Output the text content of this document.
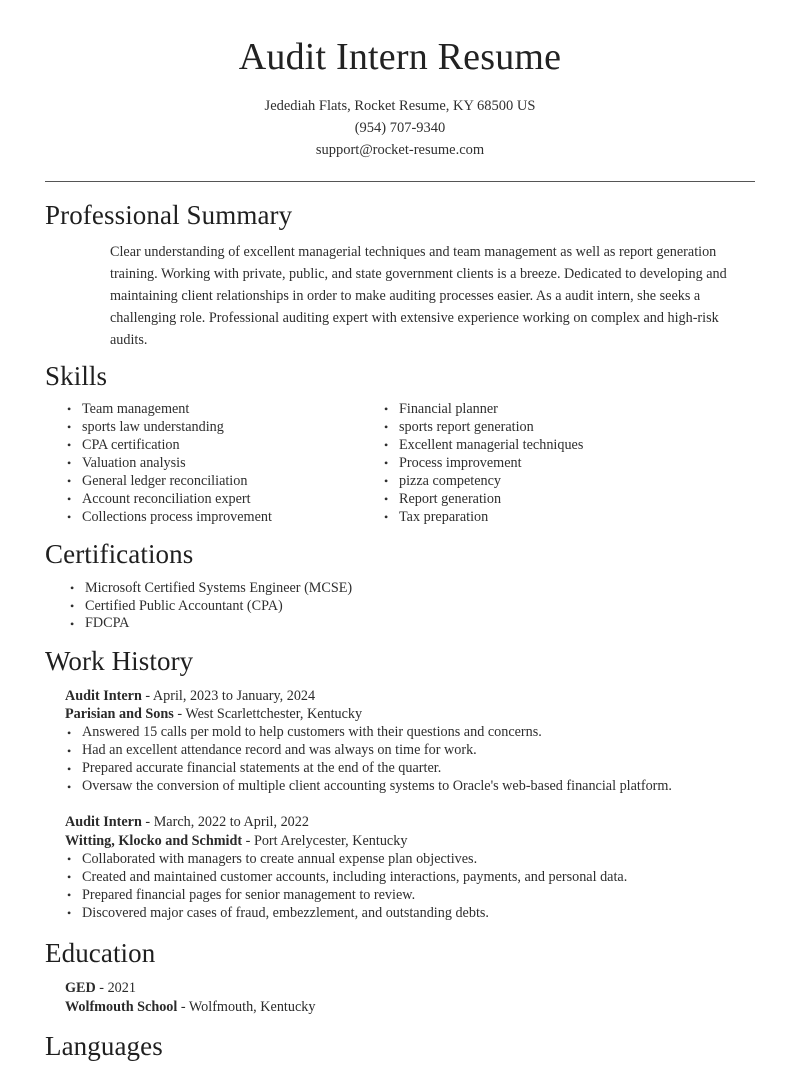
Audit Intern Resume
Jedediah Flats, Rocket Resume, KY 68500 US
(954) 707-9340
support@rocket-resume.com
Professional Summary

Clear understanding of excellent managerial techniques and team management as well as report generation training. Working with private, public, and state government clients is a breeze. Dedicated to developing and maintaining client relationships in order to make auditing processes easier. As a audit intern, she seeks a challenging role. Professional auditing expert with extensive experience working on complex and high-risk audits.

Skills
• Team management
• sports law understanding
• CPA certification
• Valuation analysis
• General ledger reconciliation
• Account reconciliation expert
• Collections process improvement
• Financial planner
• sports report generation
• Excellent managerial techniques
• Process improvement
• pizza competency
• Report generation
• Tax preparation
Certifications
• Microsoft Certified Systems Engineer (MCSE)
• Certified Public Accountant (CPA)
• FDCPA
Work History
Audit Intern - April, 2023 to January, 2024
Parisian and Sons - West Scarlettchester, Kentucky
• Answered 15 calls per mold to help customers with their questions and concerns.
• Had an excellent attendance record and was always on time for work.
• Prepared accurate financial statements at the end of the quarter.
• Oversaw the conversion of multiple client accounting systems to Oracle's web-based financial platform.
Audit Intern - March, 2022 to April, 2022
Witting, Klocko and Schmidt - Port Arelycester, Kentucky
• Collaborated with managers to create annual expense plan objectives.
• Created and maintained customer accounts, including interactions, payments, and personal data.
• Prepared financial pages for senior management to review.
• Discovered major cases of fraud, embezzlement, and outstanding debts.
Education
GED - 2021
Wolfmouth School - Wolfmouth, Kentucky
Languages
